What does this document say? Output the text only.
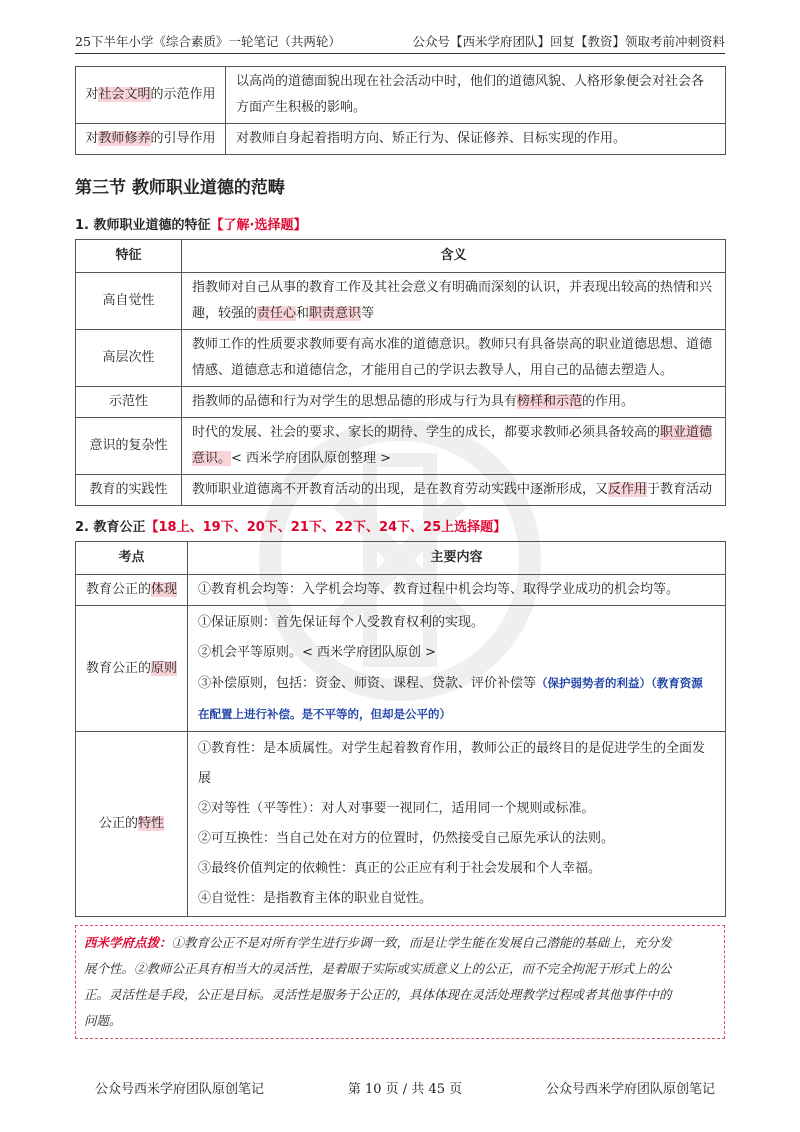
25下半年小学《综合素质》一轮笔记（共两轮）	公众号【西米学府团队】回复【教资】领取考前冲刺资料
对社会文明的示范作用	以高尚的道德面貌出现在社会活动中时，他们的道德风貌、人格形象便会对社会各
方面产生积极的影响。

对教师修养的引导作用	对教师自身起着指明方向、矫正行为、保证修养、目标实现的作用。
第三节 教师职业道德的范畴
1. 教师职业道德的特征【了解·选择题】
特征	含义
高自觉性	指教师对自己从事的教育工作及其社会意义有明确而深刻的认识，并表现出较高的热情和兴
趣，较强的责任心和职责意识等

高层次性	教师工作的性质要求教师要有高水准的道德意识。教师只有具备崇高的职业道德思想、道德
情感、道德意志和道德信念，才能用自己的学识去教导人，用自己的品德去塑造人。

示范性	指教师的品德和行为对学生的思想品德的形成与行为具有榜样和示范的作用。
意识的复杂性	时代的发展、社会的要求、家长的期待、学生的成长，都要求教师必须具备较高的职业道德
意识。< 西米学府团队原创整理 >

教育的实践性	教师职业道德离不开教育活动的出现，是在教育劳动实践中逐渐形成，又反作用于教育活动
2. 教育公正【18上、19下、20下、21下、22下、24下、25上选择题】
考点	主要内容
教育公正的体现	①教育机会均等：入学机会均等、教育过程中机会均等、取得学业成功的机会均等。
教育公正的原则	①保证原则：首先保证每个人受教育权利的实现。
②机会平等原则。< 西米学府团队原创 >
③补偿原则，包括：资金、师资、课程、贷款、评价补偿等（保护弱势者的利益）（教育资源
在配置上进行补偿。是不平等的，但却是公平的）

公正的特性	①教育性：是本质属性。对学生起着教育作用，教师公正的最终目的是促进学生的全面发展
②对等性（平等性）：对人对事要一视同仁，适用同一个规则或标准。
②可互换性：当自己处在对方的位置时，仍然接受自己原先承认的法则。
③最终价值判定的依赖性：真正的公正应有利于社会发展和个人幸福。
④自觉性：是指教育主体的职业自觉性。
西米学府点拨：①教育公正不是对所有学生进行步调一致，而是让学生能在发展自己潜能的基础上，充分发
展个性。②教师公正具有相当大的灵活性，是着眼于实际或实质意义上的公正，而不完全拘泥于形式上的公
正。灵活性是手段，公正是目标。灵活性是服务于公正的，具体体现在灵活处理教学过程或者其他事件中的
问题。
公众号西米学府团队原创笔记	第 10 页 / 共 45 页	公众号西米学府团队原创笔记
